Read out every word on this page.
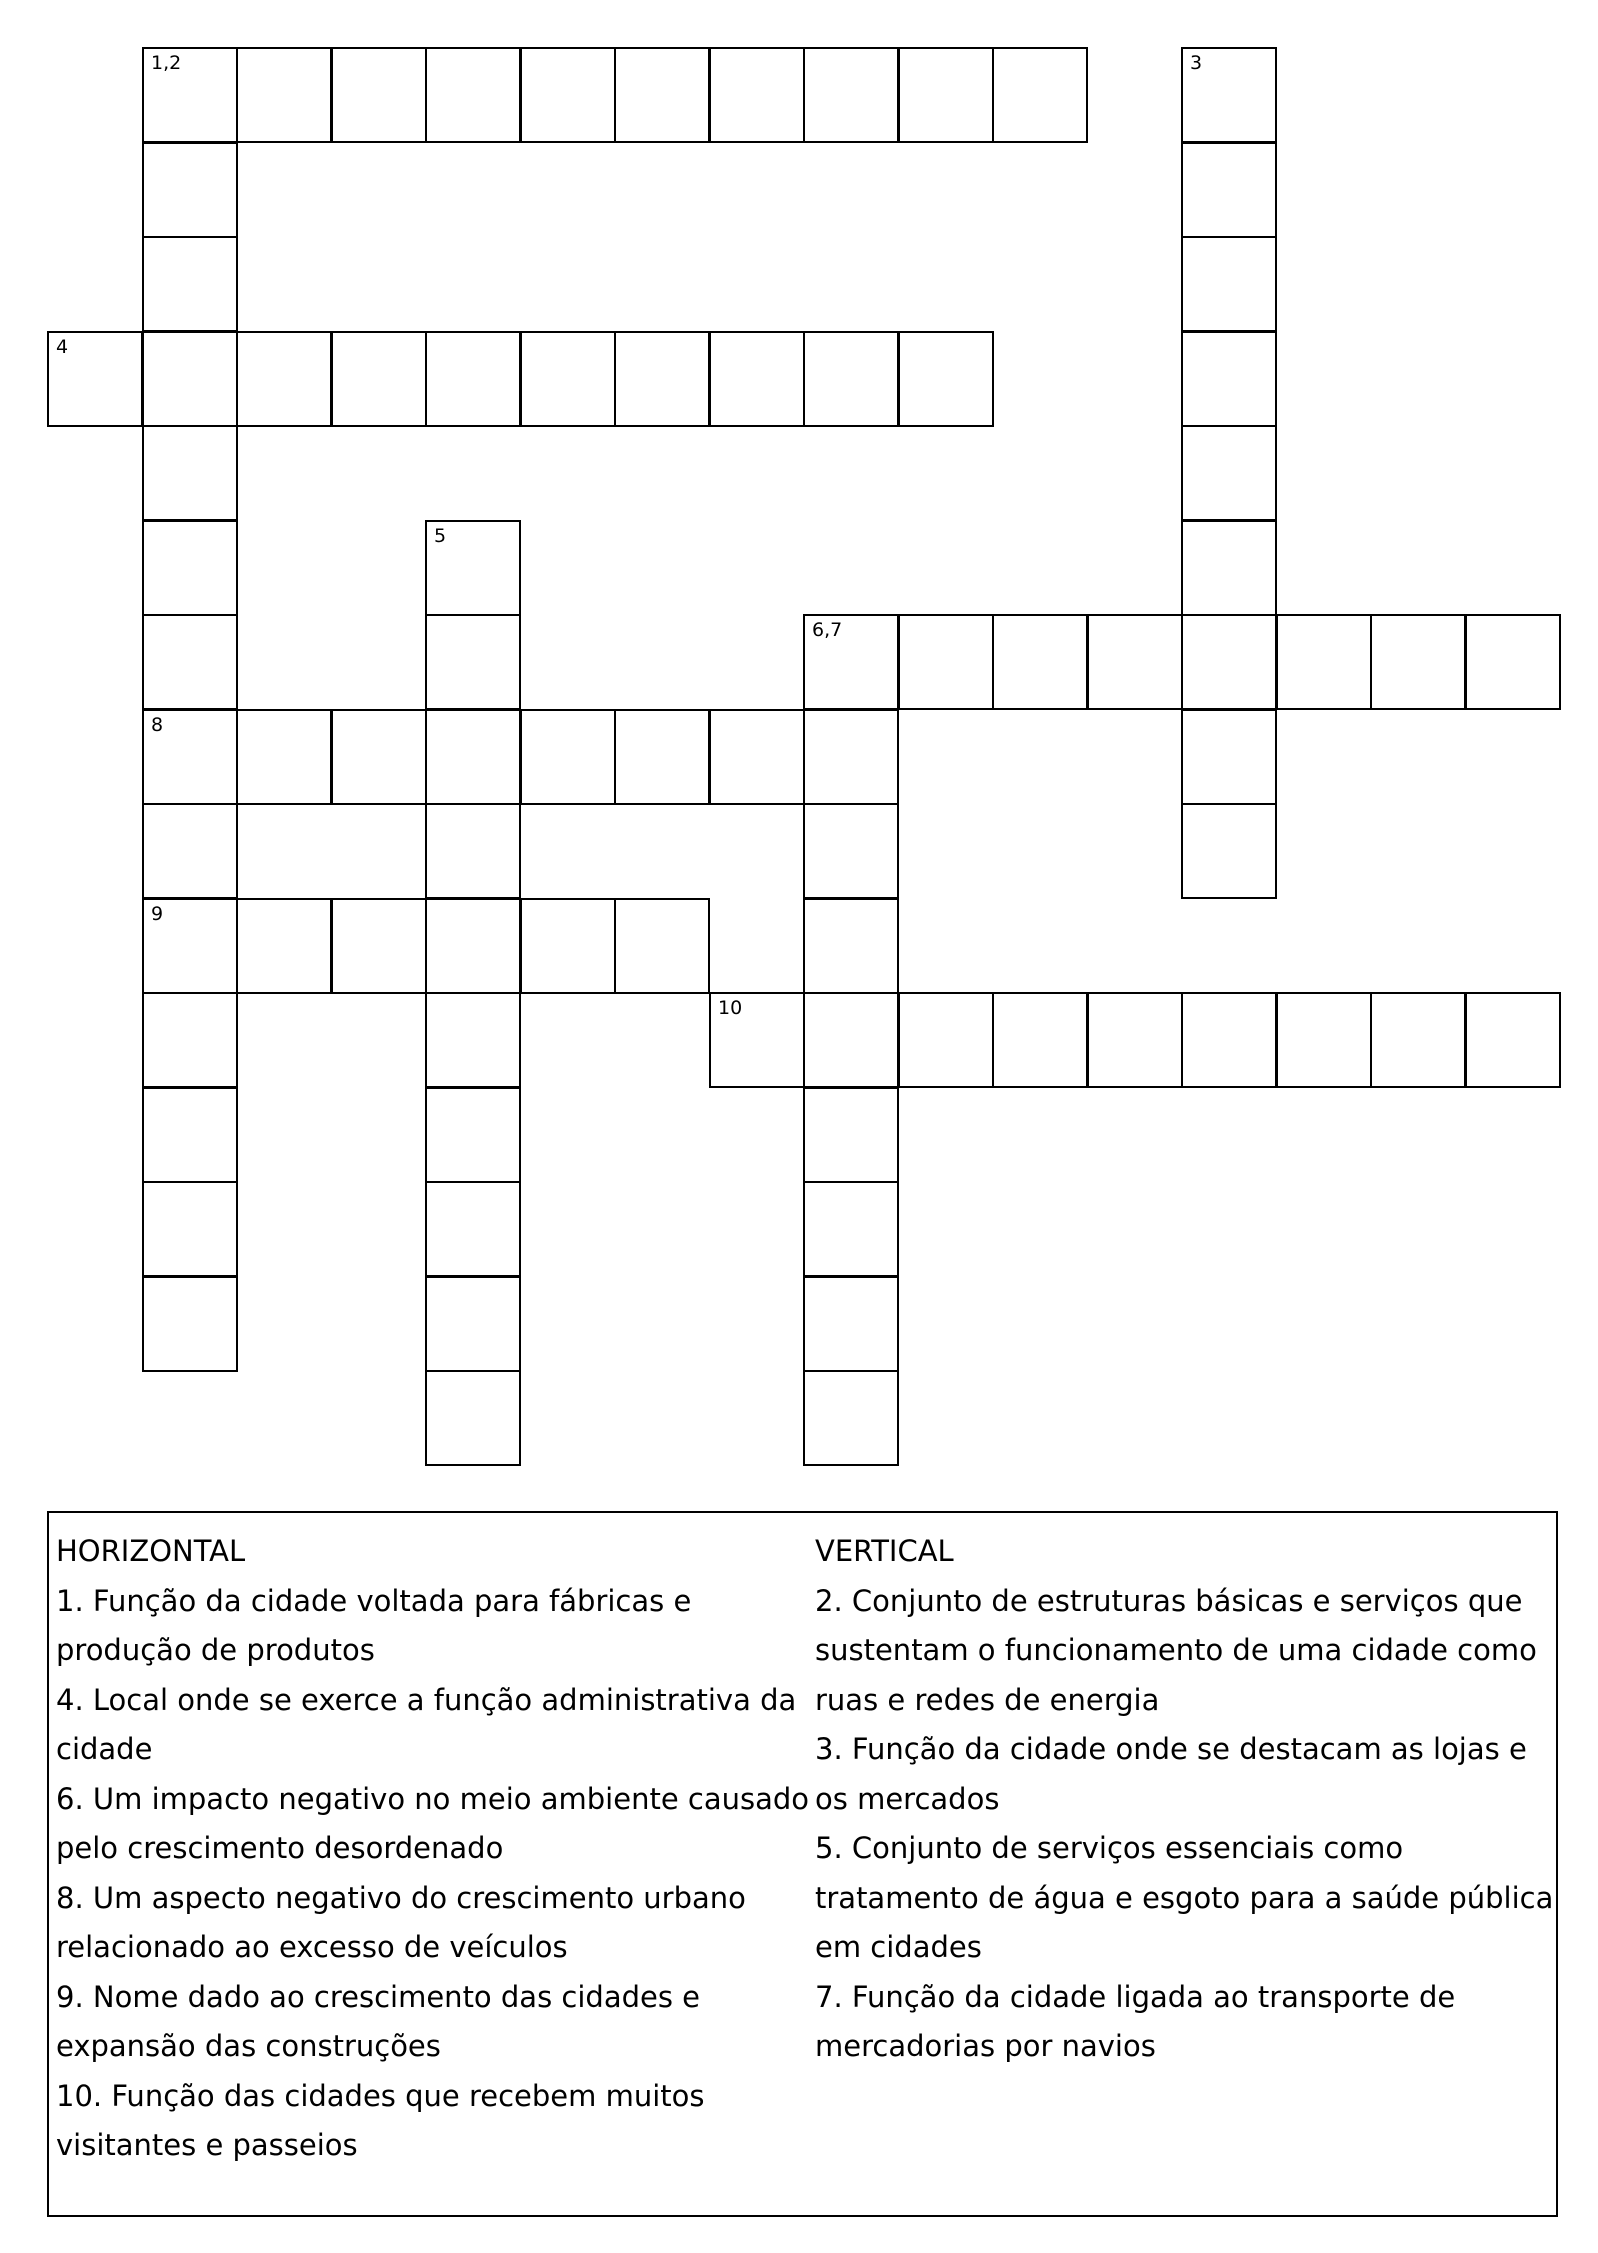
1,2	3
4
5
6,7
8
9
10

HORIZONTAL

1. Função da cidade voltada para fábricas e produção de produtos

4. Local onde se exerce a função administrativa da cidade

6. Um impacto negativo no meio ambiente causado pelo crescimento desordenado

8. Um aspecto negativo do crescimento urbano relacionado ao excesso de veículos

9. Nome dado ao crescimento das cidades e expansão das construções

10. Função das cidades que recebem muitos visitantes e passeios

VERTICAL

2. Conjunto de estruturas básicas e serviços que sustentam o funcionamento de uma cidade como ruas e redes de energia

3. Função da cidade onde se destacam as lojas e os mercados

5. Conjunto de serviços essenciais como tratamento de água e esgoto para a saúde pública em cidades

7. Função da cidade ligada ao transporte de mercadorias por navios
